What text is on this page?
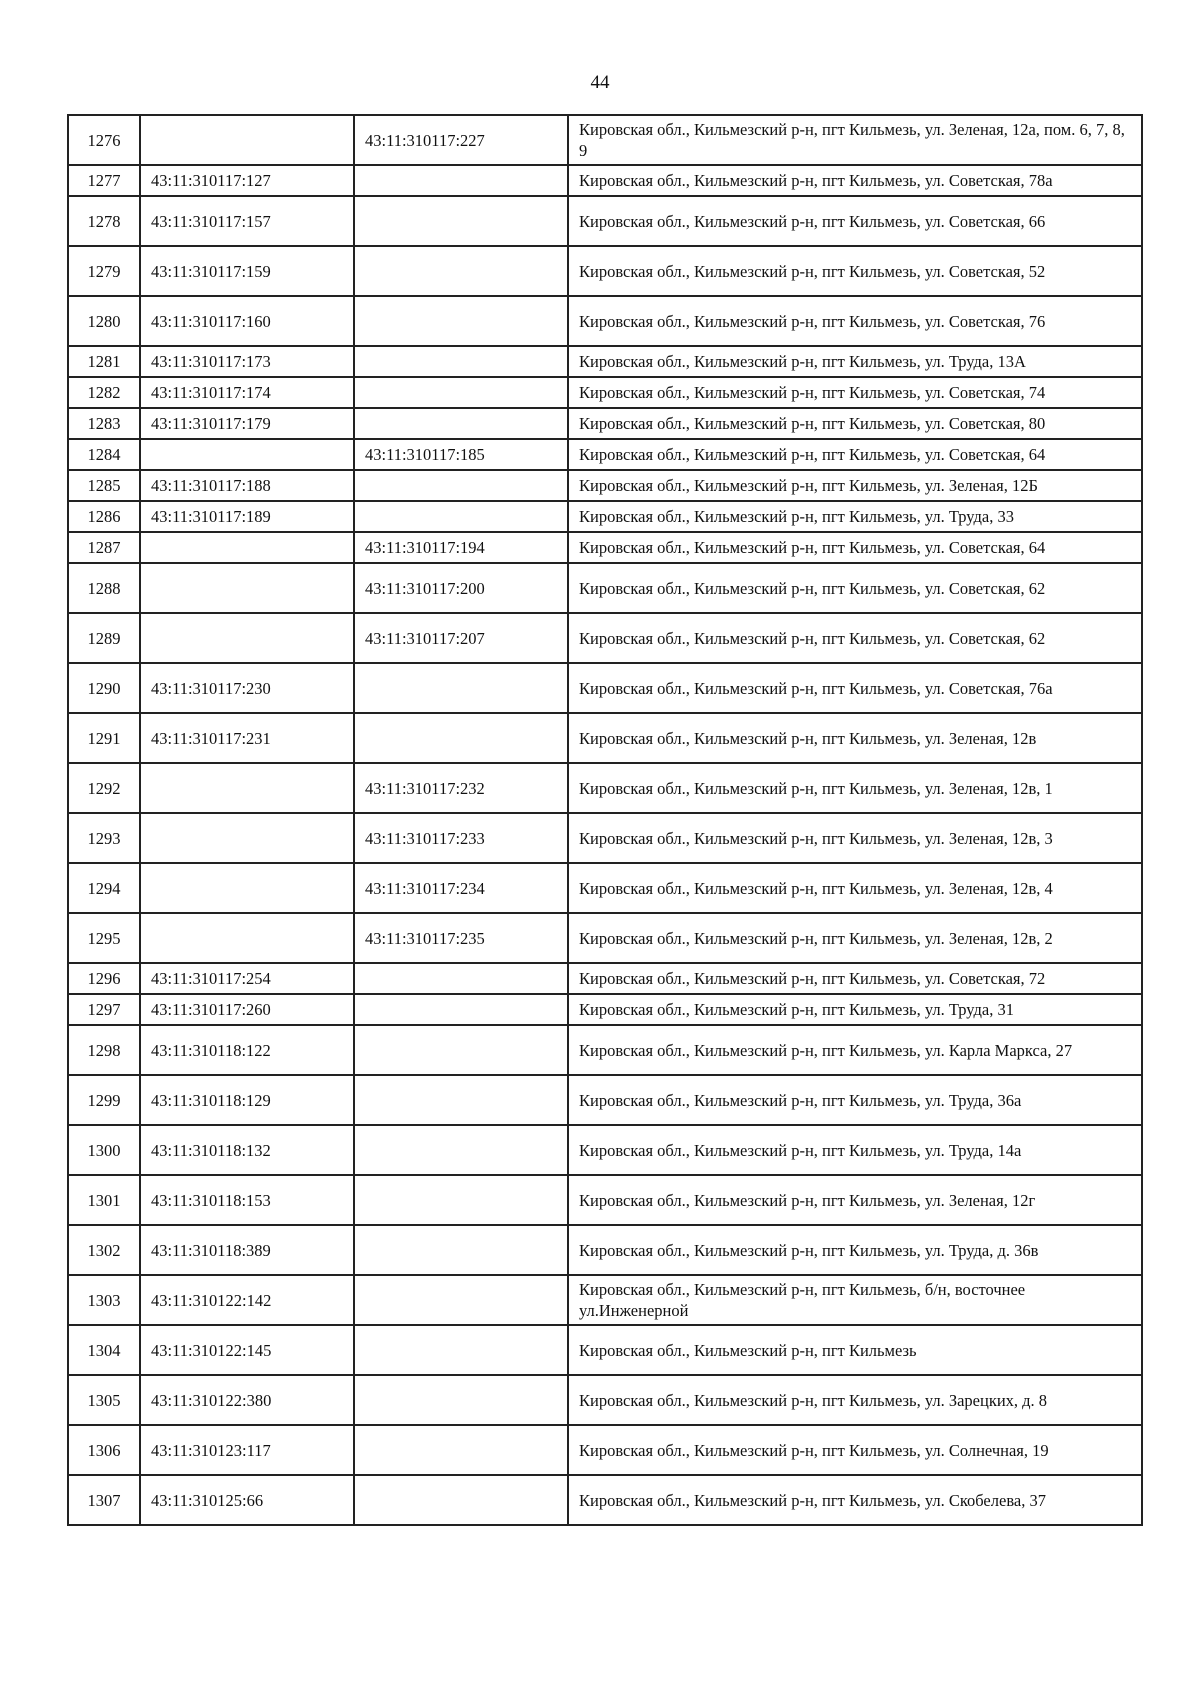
44
1276		43:11:310117:227	Кировская обл., Кильмезский р-н, пгт Кильмезь, ул. Зеленая, 12а, пом. 6, 7, 8, 9
1277	43:11:310117:127		Кировская обл., Кильмезский р-н, пгт Кильмезь, ул. Советская, 78а
1278	43:11:310117:157		Кировская обл., Кильмезский р-н, пгт Кильмезь, ул. Советская, 66
1279	43:11:310117:159		Кировская обл., Кильмезский р-н, пгт Кильмезь, ул. Советская, 52
1280	43:11:310117:160		Кировская обл., Кильмезский р-н, пгт Кильмезь, ул. Советская, 76
1281	43:11:310117:173		Кировская обл., Кильмезский р-н, пгт Кильмезь, ул. Труда, 13А
1282	43:11:310117:174		Кировская обл., Кильмезский р-н, пгт Кильмезь, ул. Советская, 74
1283	43:11:310117:179		Кировская обл., Кильмезский р-н, пгт Кильмезь, ул. Советская, 80
1284		43:11:310117:185	Кировская обл., Кильмезский р-н, пгт Кильмезь, ул. Советская, 64
1285	43:11:310117:188		Кировская обл., Кильмезский р-н, пгт Кильмезь, ул. Зеленая, 12Б
1286	43:11:310117:189		Кировская обл., Кильмезский р-н, пгт Кильмезь, ул. Труда, 33
1287		43:11:310117:194	Кировская обл., Кильмезский р-н, пгт Кильмезь, ул. Советская, 64
1288		43:11:310117:200	Кировская обл., Кильмезский р-н, пгт Кильмезь, ул. Советская, 62
1289		43:11:310117:207	Кировская обл., Кильмезский р-н, пгт Кильмезь, ул. Советская, 62
1290	43:11:310117:230		Кировская обл., Кильмезский р-н, пгт Кильмезь, ул. Советская, 76а
1291	43:11:310117:231		Кировская обл., Кильмезский р-н, пгт Кильмезь, ул. Зеленая, 12в
1292		43:11:310117:232	Кировская обл., Кильмезский р-н, пгт Кильмезь, ул. Зеленая, 12в, 1
1293		43:11:310117:233	Кировская обл., Кильмезский р-н, пгт Кильмезь, ул. Зеленая, 12в, 3
1294		43:11:310117:234	Кировская обл., Кильмезский р-н, пгт Кильмезь, ул. Зеленая, 12в, 4
1295		43:11:310117:235	Кировская обл., Кильмезский р-н, пгт Кильмезь, ул. Зеленая, 12в, 2
1296	43:11:310117:254		Кировская обл., Кильмезский р-н, пгт Кильмезь, ул. Советская, 72
1297	43:11:310117:260		Кировская обл., Кильмезский р-н, пгт Кильмезь, ул. Труда, 31
1298	43:11:310118:122		Кировская обл., Кильмезский р-н, пгт Кильмезь, ул. Карла Маркса, 27
1299	43:11:310118:129		Кировская обл., Кильмезский р-н, пгт Кильмезь, ул. Труда, 36а
1300	43:11:310118:132		Кировская обл., Кильмезский р-н, пгт Кильмезь, ул. Труда, 14а
1301	43:11:310118:153		Кировская обл., Кильмезский р-н, пгт Кильмезь, ул. Зеленая, 12г
1302	43:11:310118:389		Кировская обл., Кильмезский р-н, пгт Кильмезь, ул. Труда, д. 36в
1303	43:11:310122:142		Кировская обл., Кильмезский р-н, пгт Кильмезь, б/н, восточнее ул.Инженерной
1304	43:11:310122:145		Кировская обл., Кильмезский р-н, пгт Кильмезь
1305	43:11:310122:380		Кировская обл., Кильмезский р-н, пгт Кильмезь, ул. Зарецких, д. 8
1306	43:11:310123:117		Кировская обл., Кильмезский р-н, пгт Кильмезь, ул. Солнечная, 19
1307	43:11:310125:66		Кировская обл., Кильмезский р-н, пгт Кильмезь, ул. Скобелева, 37
